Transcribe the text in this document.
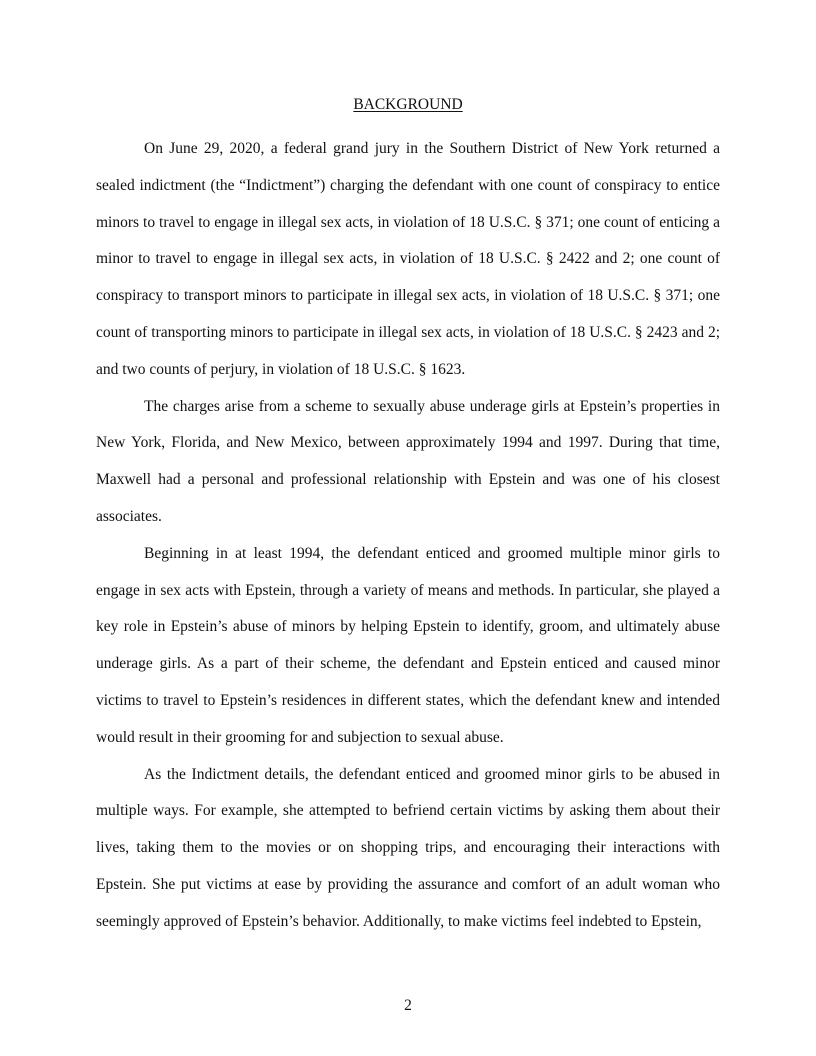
BACKGROUND

On June 29, 2020, a federal grand jury in the Southern District of New York returned a sealed indictment (the “Indictment”) charging the defendant with one count of conspiracy to entice minors to travel to engage in illegal sex acts, in violation of 18 U.S.C. § 371; one count of enticing a minor to travel to engage in illegal sex acts, in violation of 18 U.S.C. § 2422 and 2; one count of conspiracy to transport minors to participate in illegal sex acts, in violation of 18 U.S.C. § 371; one count of transporting minors to participate in illegal sex acts, in violation of 18 U.S.C. § 2423 and 2; and two counts of perjury, in violation of 18 U.S.C. § 1623.

The charges arise from a scheme to sexually abuse underage girls at Epstein’s properties in New York, Florida, and New Mexico, between approximately 1994 and 1997. During that time, Maxwell had a personal and professional relationship with Epstein and was one of his closest associates.

Beginning in at least 1994, the defendant enticed and groomed multiple minor girls to engage in sex acts with Epstein, through a variety of means and methods. In particular, she played a key role in Epstein’s abuse of minors by helping Epstein to identify, groom, and ultimately abuse underage girls. As a part of their scheme, the defendant and Epstein enticed and caused minor victims to travel to Epstein’s residences in different states, which the defendant knew and intended would result in their grooming for and subjection to sexual abuse.

As the Indictment details, the defendant enticed and groomed minor girls to be abused in multiple ways. For example, she attempted to befriend certain victims by asking them about their lives, taking them to the movies or on shopping trips, and encouraging their interactions with Epstein. She put victims at ease by providing the assurance and comfort of an adult woman who seemingly approved of Epstein’s behavior. Additionally, to make victims feel indebted to Epstein,

2
